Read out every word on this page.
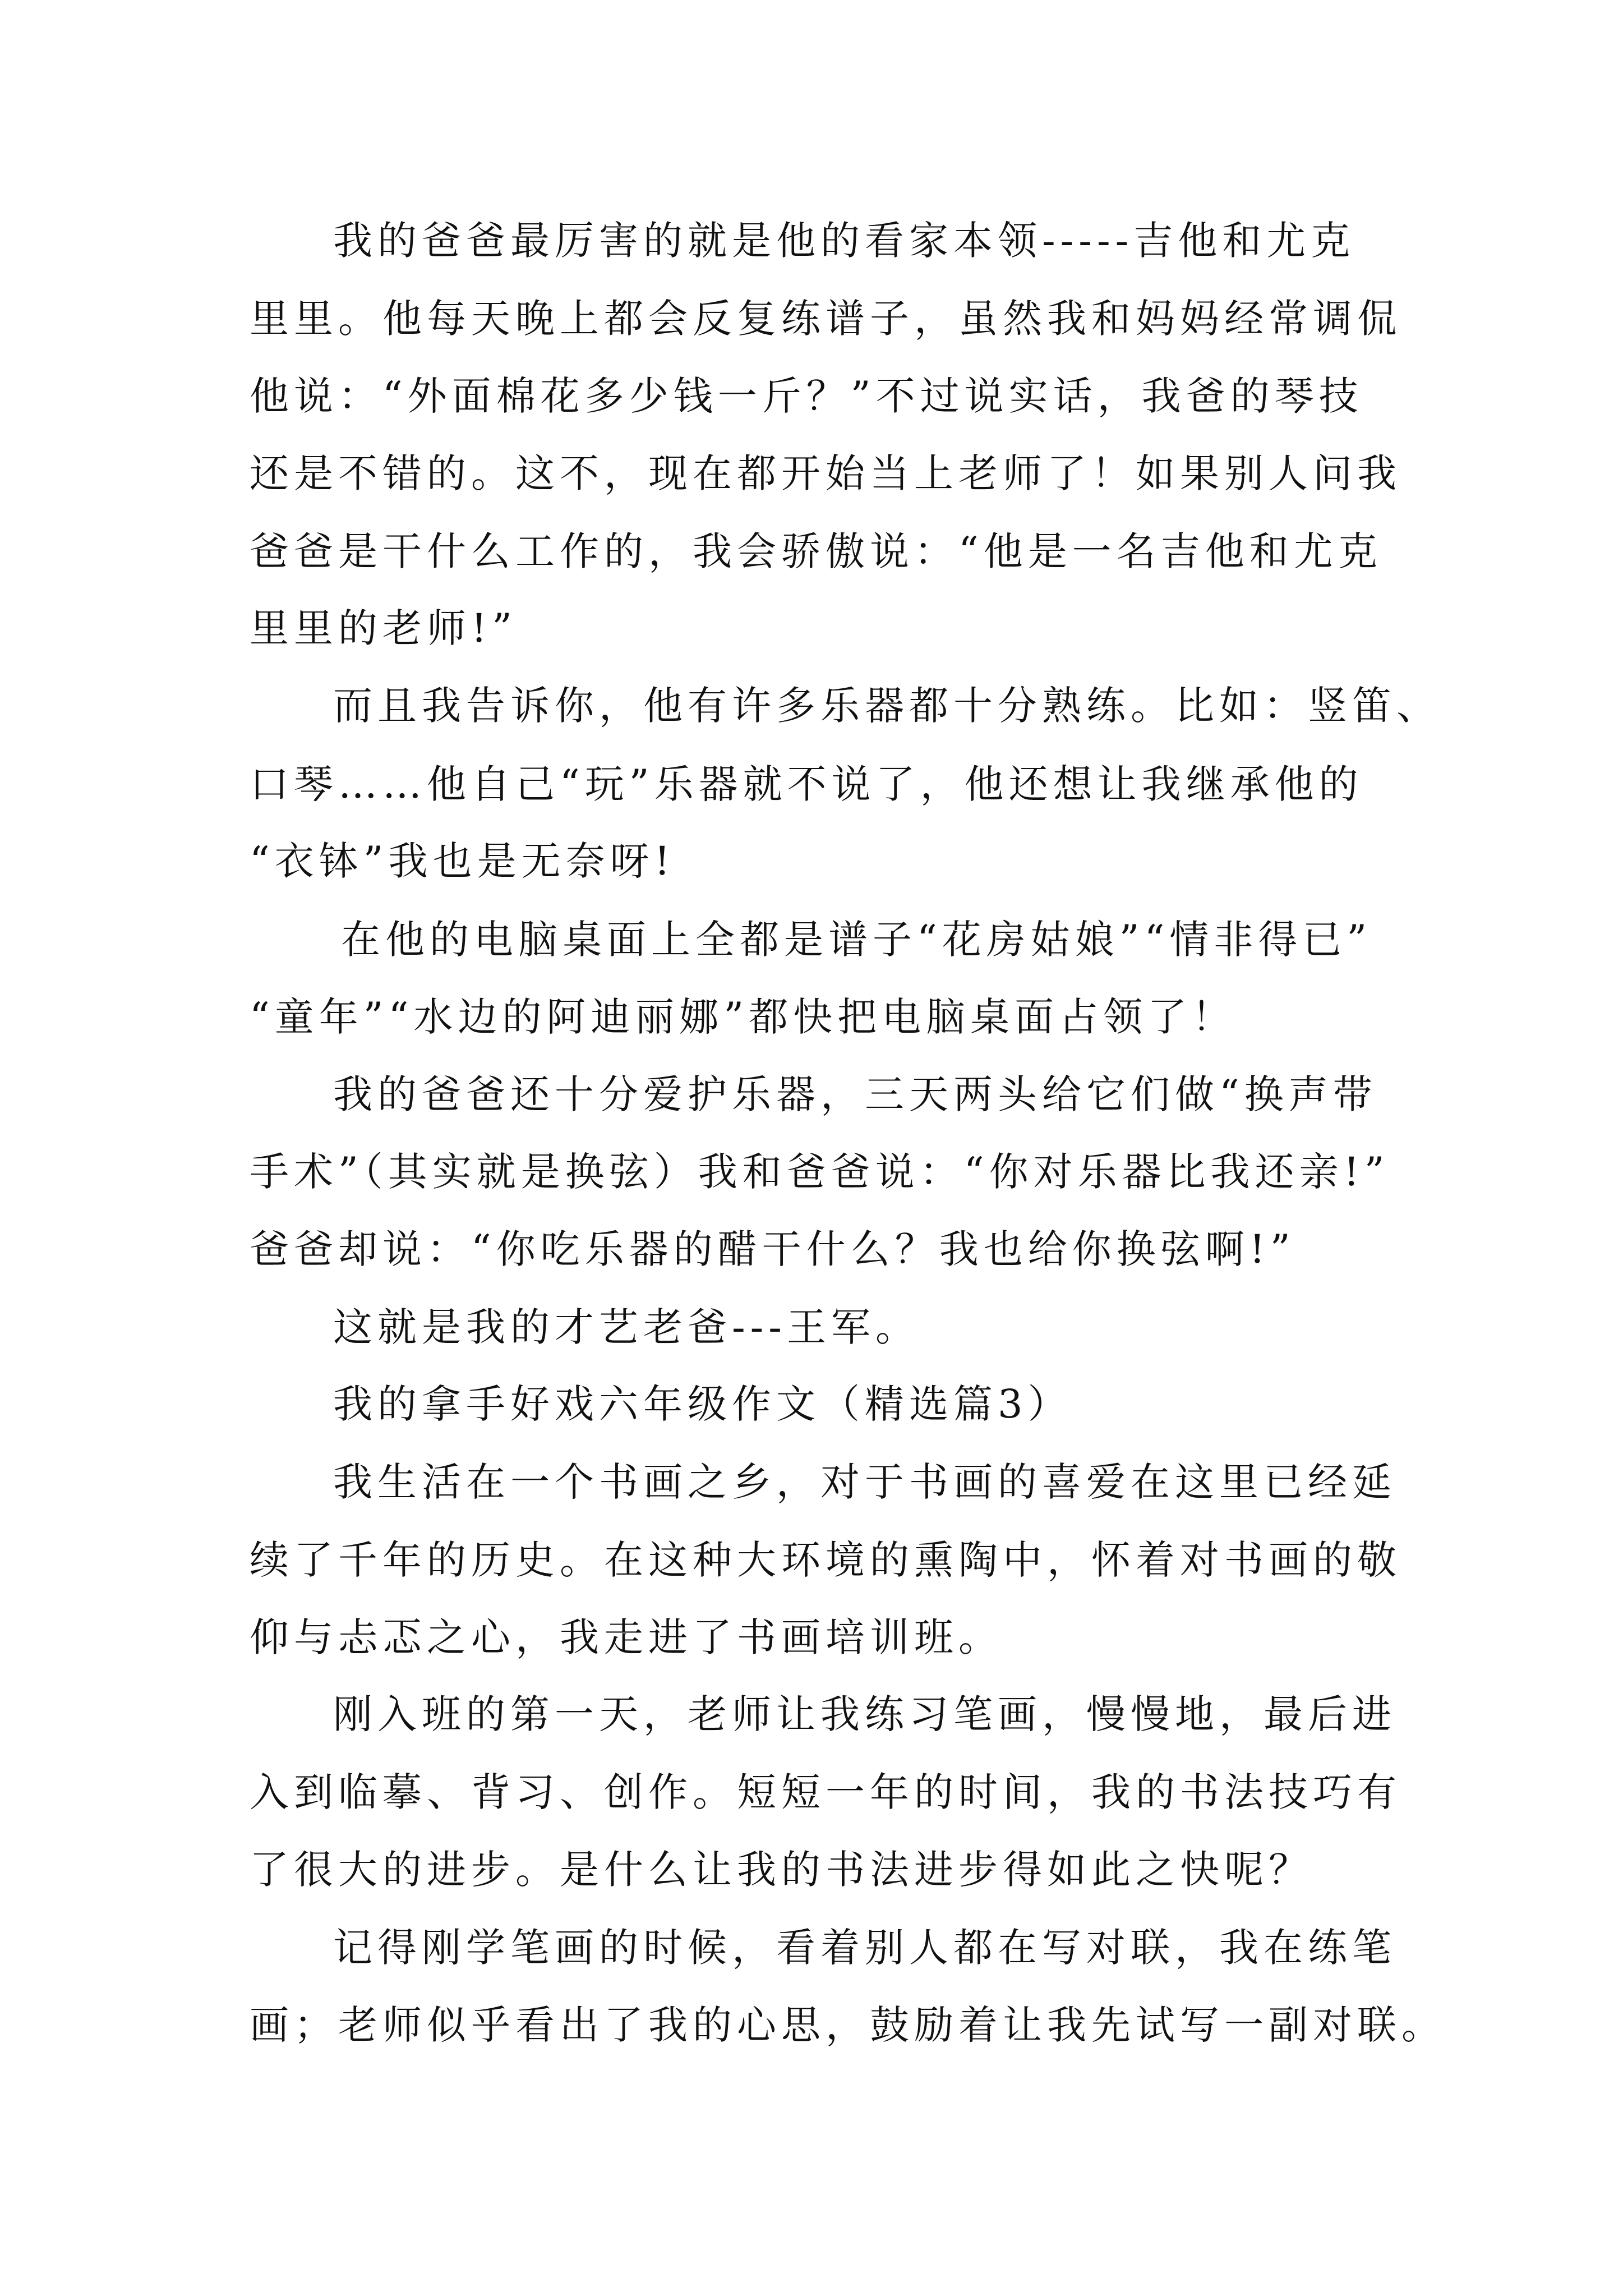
我的爸爸最厉害的就是他的看家本领-----吉他和尤克
里里。他每天晚上都会反复练谱子，虽然我和妈妈经常调侃
他说：“外面棉花多少钱一斤？”不过说实话，我爸的琴技
还是不错的。这不，现在都开始当上老师了！如果别人问我
爸爸是干什么工作的，我会骄傲说：“他是一名吉他和尤克
里里的老师!”
而且我告诉你，他有许多乐器都十分熟练。比如：竖笛、
口琴……他自己“玩”乐器就不说了，他还想让我继承他的
“衣钵”我也是无奈呀!
在他的电脑桌面上全都是谱子“花房姑娘”“情非得已”
“童年”“水边的阿迪丽娜”都快把电脑桌面占领了！
我的爸爸还十分爱护乐器，三天两头给它们做“换声带
手术”（其实就是换弦）我和爸爸说：“你对乐器比我还亲!”
爸爸却说：“你吃乐器的醋干什么？我也给你换弦啊!”
这就是我的才艺老爸---王军。
我的拿手好戏六年级作文（精选篇3）
我生活在一个书画之乡，对于书画的喜爱在这里已经延
续了千年的历史。在这种大环境的熏陶中，怀着对书画的敬
仰与忐忑之心，我走进了书画培训班。
刚入班的第一天，老师让我练习笔画，慢慢地，最后进
入到临摹、背习、创作。短短一年的时间，我的书法技巧有
了很大的进步。是什么让我的书法进步得如此之快呢？
记得刚学笔画的时候，看着别人都在写对联，我在练笔
画；老师似乎看出了我的心思，鼓励着让我先试写一副对联。
